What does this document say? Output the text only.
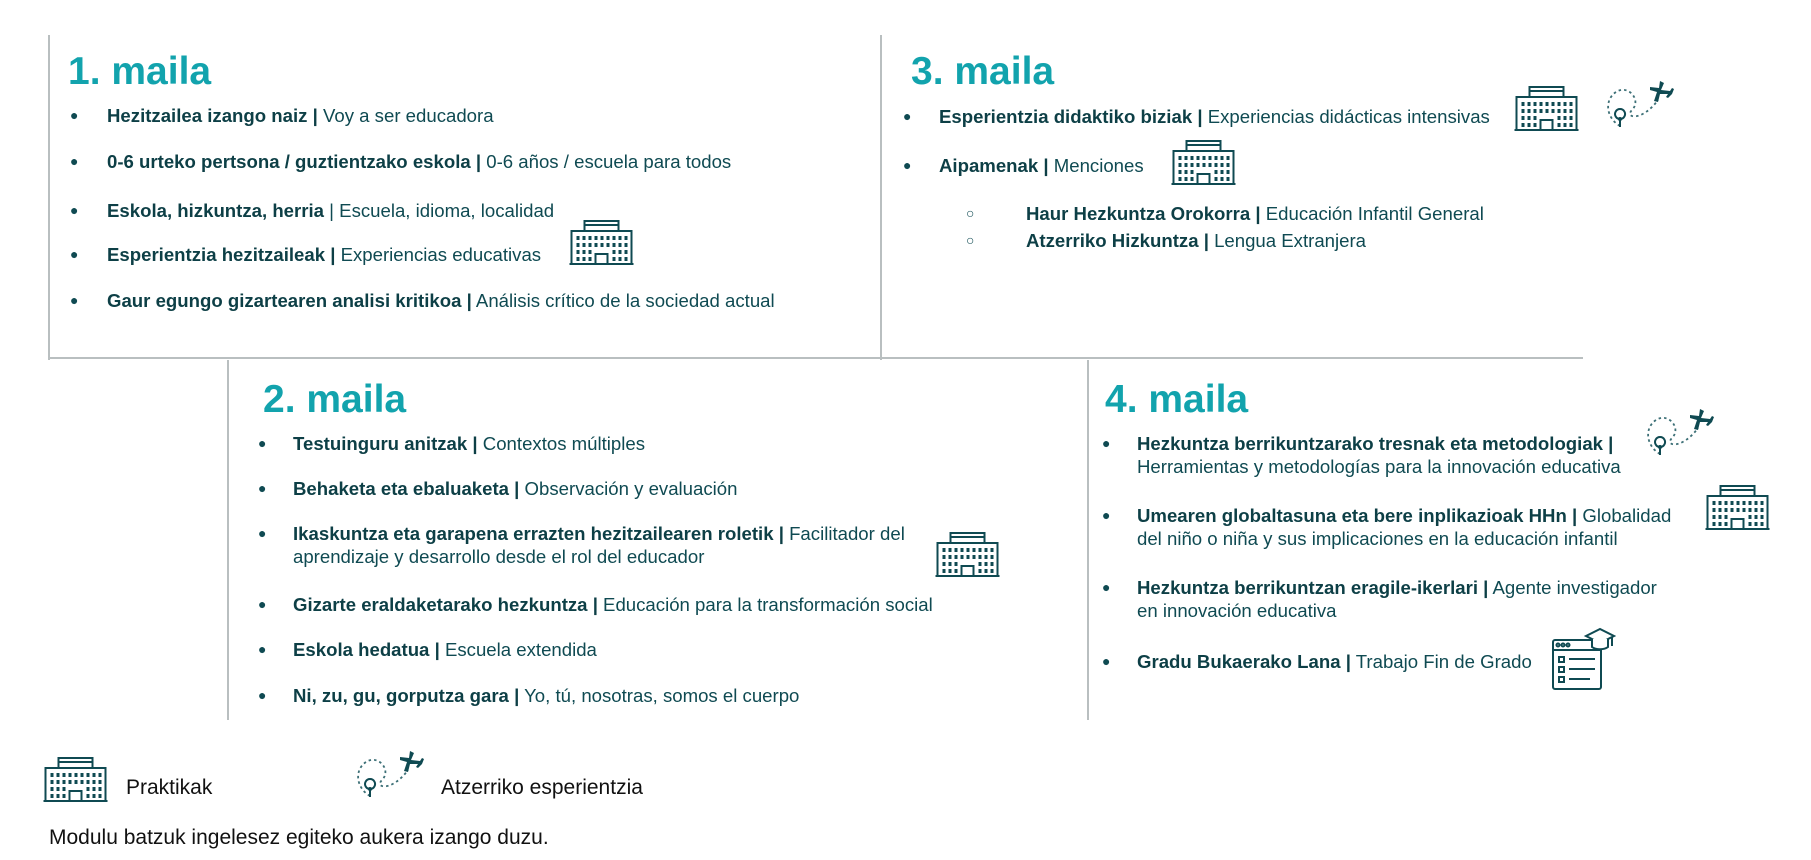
1. maila
●	Hezitzailea izango naiz | Voy a ser educadora
●	0-6 urteko pertsona / guztientzako eskola | 0-6 años / escuela para todos
●	Eskola, hizkuntza, herria | Escuela, idioma, localidad
●	Esperientzia hezitzaileak | Experiencias educativas
●	Gaur egungo gizartearen analisi kritikoa | Análisis crítico de la sociedad actual
3. maila
●	Esperientzia didaktiko biziak | Experiencias didácticas intensivas
●	Aipamenak | Menciones
○	Haur Hezkuntza Orokorra | Educación Infantil General
○	Atzerriko Hizkuntza | Lengua Extranjera
2. maila
●	Testuinguru anitzak | Contextos múltiples
●	Behaketa eta ebaluaketa | Observación y evaluación
●	Ikaskuntza eta garapena errazten hezitzailearen roletik | Facilitador del aprendizaje y desarrollo desde el rol del educador
●	Gizarte eraldaketarako hezkuntza | Educación para la transformación social
●	Eskola hedatua | Escuela extendida
●	Ni, zu, gu, gorputza gara | Yo, tú, nosotras, somos el cuerpo
4. maila
●	Hezkuntza berrikuntzarako tresnak eta metodologiak | Herramientas y metodologías para la innovación educativa
●	Umearen globaltasuna eta bere inplikazioak HHn | Globalidad del niño o niña y sus implicaciones en la educación infantil
●	Hezkuntza berrikuntzan eragile-ikerlari | Agente investigador en innovación educativa
●	Gradu Bukaerako Lana | Trabajo Fin de Grado
Praktikak	Atzerriko esperientzia

Modulu batzuk ingelesez egiteko aukera izango duzu.
